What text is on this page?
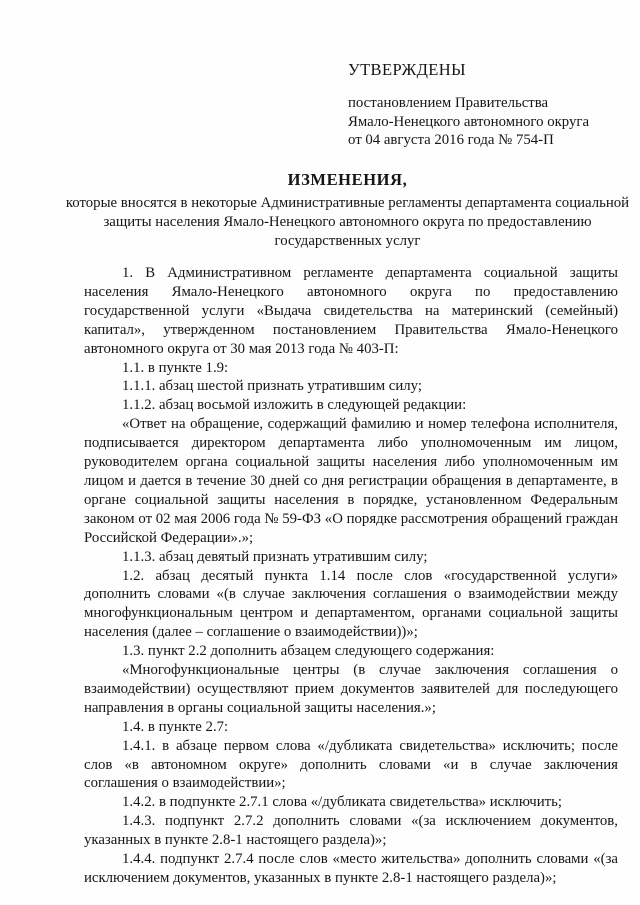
УТВЕРЖДЕНЫ
постановлением Правительства
Ямало-Ненецкого автономного округа
от 04 августа 2016 года № 754-П
ИЗМЕНЕНИЯ,
которые вносятся в некоторые Административные регламенты департамента социальной защиты населения Ямало-Ненецкого автономного округа по предоставлению государственных услуг

1. В Административном регламенте департамента социальной защиты населения Ямало-Ненецкого автономного округа по предоставлению государственной услуги «Выдача свидетельства на материнский (семейный) капитал», утвержденном постановлением Правительства Ямало-Ненецкого автономного округа от 30 мая 2013 года № 403-П:

1.1. в пункте 1.9:

1.1.1. абзац шестой признать утратившим силу;

1.1.2. абзац восьмой изложить в следующей редакции:

«Ответ на обращение, содержащий фамилию и номер телефона исполнителя, подписывается директором департамента либо уполномоченным им лицом, руководителем органа социальной защиты населения либо уполномоченным им лицом и дается в течение 30 дней со дня регистрации обращения в департаменте, в органе социальной защиты населения в порядке, установленном Федеральным законом от 02 мая 2006 года № 59-ФЗ «О порядке рассмотрения обращений граждан Российской Федерации».»;

1.1.3. абзац девятый признать утратившим силу;

1.2. абзац десятый пункта 1.14 после слов «государственной услуги» дополнить словами «(в случае заключения соглашения о взаимодействии между многофункциональным центром и департаментом, органами социальной защиты населения (далее – соглашение о взаимодействии))»;

1.3. пункт 2.2 дополнить абзацем следующего содержания:

«Многофункциональные центры (в случае заключения соглашения о взаимодействии) осуществляют прием документов заявителей для последующего направления в органы социальной защиты населения.»;

1.4. в пункте 2.7:

1.4.1. в абзаце первом слова «/дубликата свидетельства» исключить; после слов «в автономном округе» дополнить словами «и в случае заключения соглашения о взаимодействии»;

1.4.2. в подпункте 2.7.1 слова «/дубликата свидетельства» исключить;

1.4.3. подпункт 2.7.2 дополнить словами «(за исключением документов, указанных в пункте 2.8-1 настоящего раздела)»;

1.4.4. подпункт 2.7.4 после слов «место жительства» дополнить словами «(за исключением документов, указанных в пункте 2.8-1 настоящего раздела)»;
